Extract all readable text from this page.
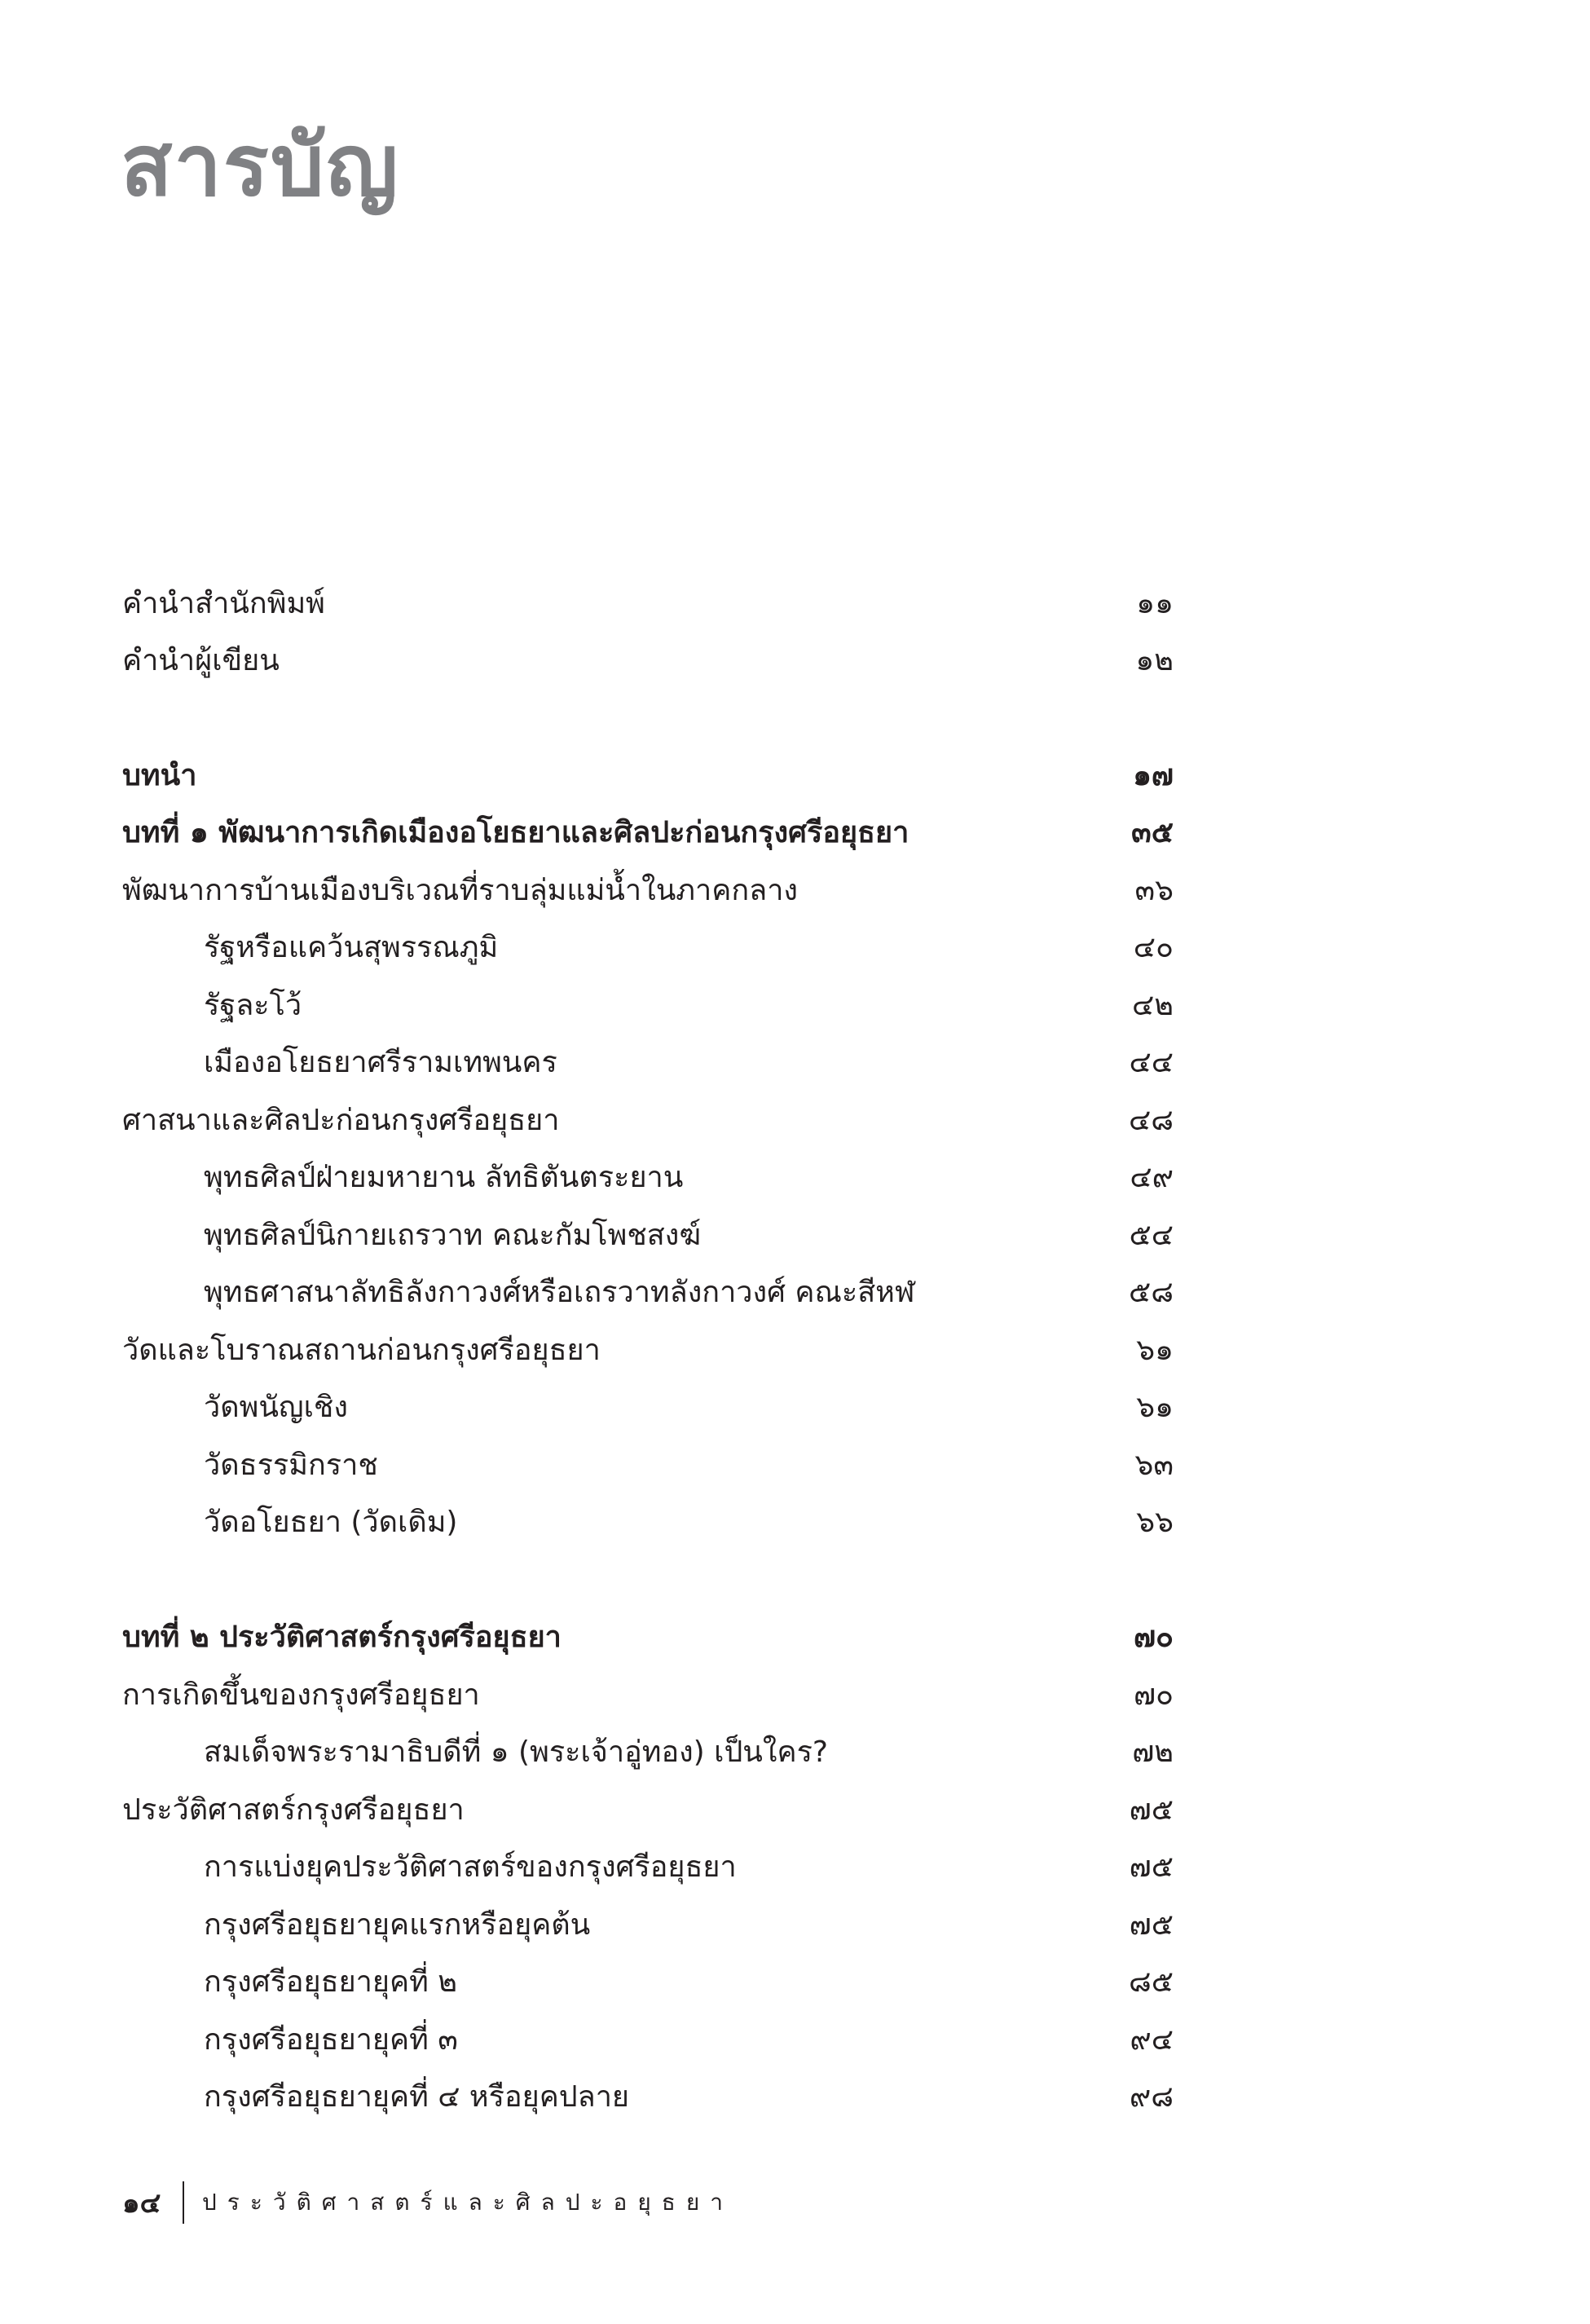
สารบัญ
คำนำสำนักพิมพ์	๑๑
คำนำผู้เขียน	๑๒
บทนำ	๑๗
บทที่ ๑ พัฒนาการเกิดเมืองอโยธยาและศิลปะก่อนกรุงศรีอยุธยา	๓๕
พัฒนาการบ้านเมืองบริเวณที่ราบลุ่มแม่น้ำในภาคกลาง	๓๖
รัฐหรือแคว้นสุพรรณภูมิ	๔๐
รัฐละโว้	๔๒
เมืองอโยธยาศรีรามเทพนคร	๔๔
ศาสนาและศิลปะก่อนกรุงศรีอยุธยา	๔๘
พุทธศิลป์ฝ่ายมหายาน ลัทธิตันตระยาน	๔๙
พุทธศิลป์นิกายเถรวาท คณะกัมโพชสงฆ์	๕๔
พุทธศาสนาลัทธิลังกาวงศ์หรือเถรวาทลังกาวงศ์ คณะสีหฬ	๕๘
วัดและโบราณสถานก่อนกรุงศรีอยุธยา	๖๑
วัดพนัญเชิง	๖๑
วัดธรรมิกราช	๖๓
วัดอโยธยา (วัดเดิม)	๖๖
บทที่ ๒ ประวัติศาสตร์กรุงศรีอยุธยา	๗๐
การเกิดขึ้นของกรุงศรีอยุธยา	๗๐
สมเด็จพระรามาธิบดีที่ ๑ (พระเจ้าอู่ทอง) เป็นใคร?	๗๒
ประวัติศาสตร์กรุงศรีอยุธยา	๗๕
การแบ่งยุคประวัติศาสตร์ของกรุงศรีอยุธยา	๗๕
กรุงศรีอยุธยายุคแรกหรือยุคต้น	๗๕
กรุงศรีอยุธยายุคที่ ๒	๘๕
กรุงศรีอยุธยายุคที่ ๓	๙๔
กรุงศรีอยุธยายุคที่ ๔ หรือยุคปลาย	๙๘
๑๔	ประวัติศาสตร์และศิลปะอยุธยา
